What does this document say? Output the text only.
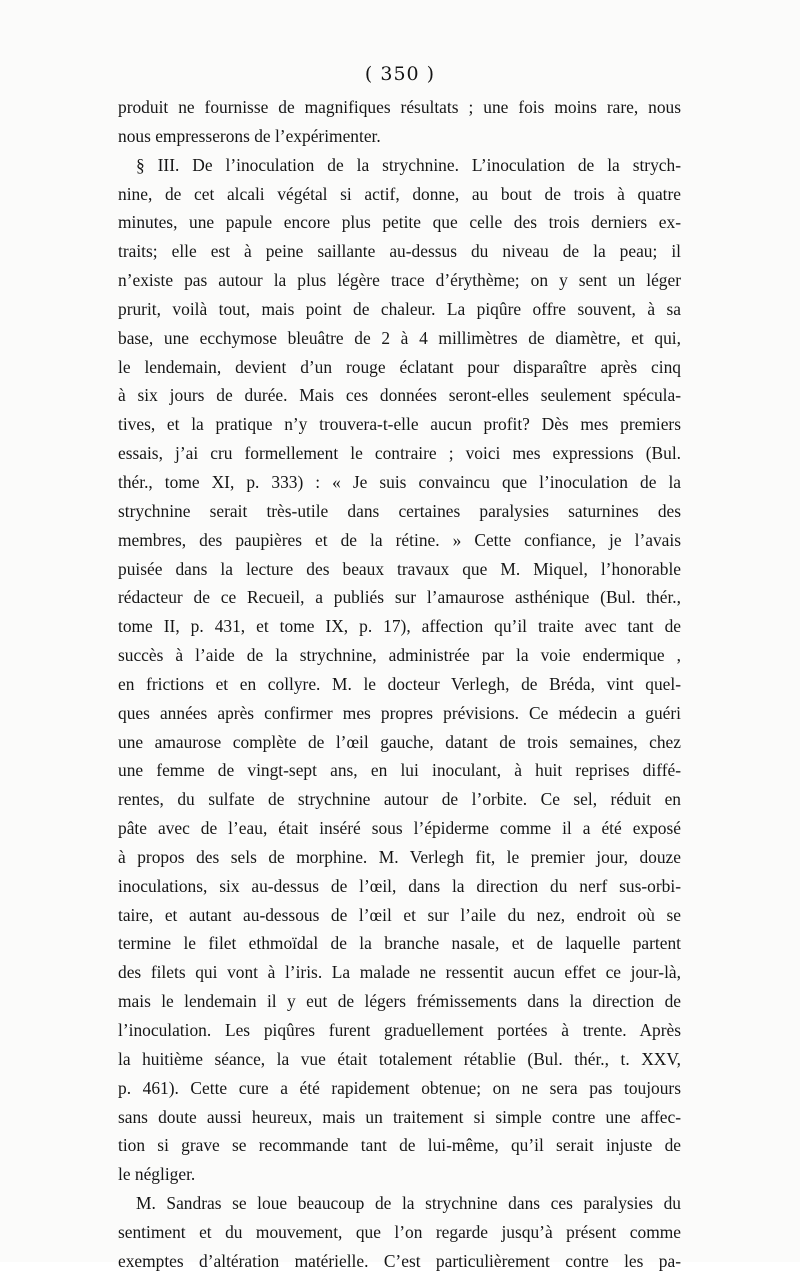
( 350 )
produit ne fournisse de magnifiques résultats ; une fois moins rare, nous
nous empresserons de l’expérimenter.
§ III. De l’inoculation de la strychnine. L’inoculation de la strych-
nine, de cet alcali végétal si actif, donne, au bout de trois à quatre
minutes, une papule encore plus petite que celle des trois derniers ex-
traits; elle est à peine saillante au-dessus du niveau de la peau; il
n’existe pas autour la plus légère trace d’érythème; on y sent un léger
prurit, voilà tout, mais point de chaleur. La piqûre offre souvent, à sa
base, une ecchymose bleuâtre de 2 à 4 millimètres de diamètre, et qui,
le lendemain, devient d’un rouge éclatant pour disparaître après cinq
à six jours de durée. Mais ces données seront-elles seulement spécula-
tives, et la pratique n’y trouvera-t-elle aucun profit? Dès mes premiers
essais, j’ai cru formellement le contraire ; voici mes expressions (Bul.
thér., tome XI, p. 333) : « Je suis convaincu que l’inoculation de la
strychnine serait très-utile dans certaines paralysies saturnines des
membres, des paupières et de la rétine. » Cette confiance, je l’avais
puisée dans la lecture des beaux travaux que M. Miquel, l’honorable
rédacteur de ce Recueil, a publiés sur l’amaurose asthénique (Bul. thér.,
tome II, p. 431, et tome IX, p. 17), affection qu’il traite avec tant de
succès à l’aide de la strychnine, administrée par la voie endermique ,
en frictions et en collyre. M. le docteur Verlegh, de Bréda, vint quel-
ques années après confirmer mes propres prévisions. Ce médecin a guéri
une amaurose complète de l’œil gauche, datant de trois semaines, chez
une femme de vingt-sept ans, en lui inoculant, à huit reprises diffé-
rentes, du sulfate de strychnine autour de l’orbite. Ce sel, réduit en
pâte avec de l’eau, était inséré sous l’épiderme comme il a été exposé
à propos des sels de morphine. M. Verlegh fit, le premier jour, douze
inoculations, six au-dessus de l’œil, dans la direction du nerf sus-orbi-
taire, et autant au-dessous de l’œil et sur l’aile du nez, endroit où se
termine le filet ethmoïdal de la branche nasale, et de laquelle partent
des filets qui vont à l’iris. La malade ne ressentit aucun effet ce jour-là,
mais le lendemain il y eut de légers frémissements dans la direction de
l’inoculation. Les piqûres furent graduellement portées à trente. Après
la huitième séance, la vue était totalement rétablie (Bul. thér., t. XXV,
p. 461). Cette cure a été rapidement obtenue; on ne sera pas toujours
sans doute aussi heureux, mais un traitement si simple contre une affec-
tion si grave se recommande tant de lui-même, qu’il serait injuste de
le négliger.
M. Sandras se loue beaucoup de la strychnine dans ces paralysies du
sentiment et du mouvement, que l’on regarde jusqu’à présent comme
exemptes d’altération matérielle. C’est particulièrement contre les pa-
